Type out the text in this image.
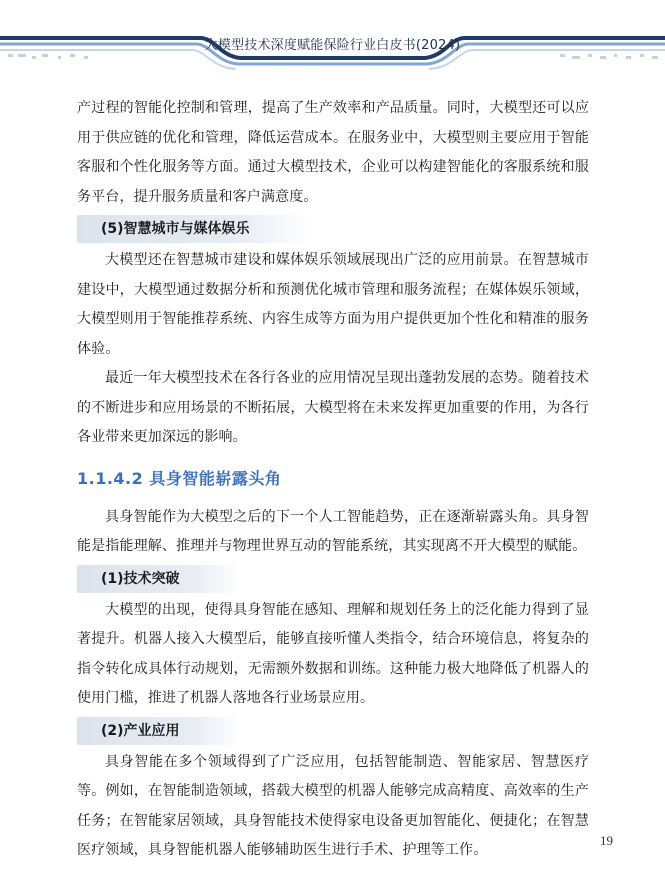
大模型技术深度赋能保险行业白皮书(2024)

产过程的智能化控制和管理，提高了生产效率和产品质量。同时，大模型还可以应用于供应链的优化和管理，降低运营成本。在服务业中，大模型则主要应用于智能客服和个性化服务等方面。通过大模型技术，企业可以构建智能化的客服系统和服务平台，提升服务质量和客户满意度。

(5)智慧城市与媒体娱乐

大模型还在智慧城市建设和媒体娱乐领域展现出广泛的应用前景。在智慧城市建设中，大模型通过数据分析和预测优化城市管理和服务流程；在媒体娱乐领域，大模型则用于智能推荐系统、内容生成等方面为用户提供更加个性化和精准的服务体验。

最近一年大模型技术在各行各业的应用情况呈现出蓬勃发展的态势。随着技术的不断进步和应用场景的不断拓展，大模型将在未来发挥更加重要的作用，为各行各业带来更加深远的影响。

1.1.4.2 具身智能崭露头角

具身智能作为大模型之后的下一个人工智能趋势，正在逐渐崭露头角。具身智能是指能理解、推理并与物理世界互动的智能系统，其实现离不开大模型的赋能。

(1)技术突破

大模型的出现，使得具身智能在感知、理解和规划任务上的泛化能力得到了显著提升。机器人接入大模型后，能够直接听懂人类指令，结合环境信息，将复杂的指令转化成具体行动规划，无需额外数据和训练。这种能力极大地降低了机器人的使用门槛，推进了机器人落地各行业场景应用。

(2)产业应用

具身智能在多个领域得到了广泛应用，包括智能制造、智能家居、智慧医疗等。例如，在智能制造领域，搭载大模型的机器人能够完成高精度、高效率的生产任务；在智能家居领域，具身智能技术使得家电设备更加智能化、便捷化；在智慧医疗领域，具身智能机器人能够辅助医生进行手术、护理等工作。

19
